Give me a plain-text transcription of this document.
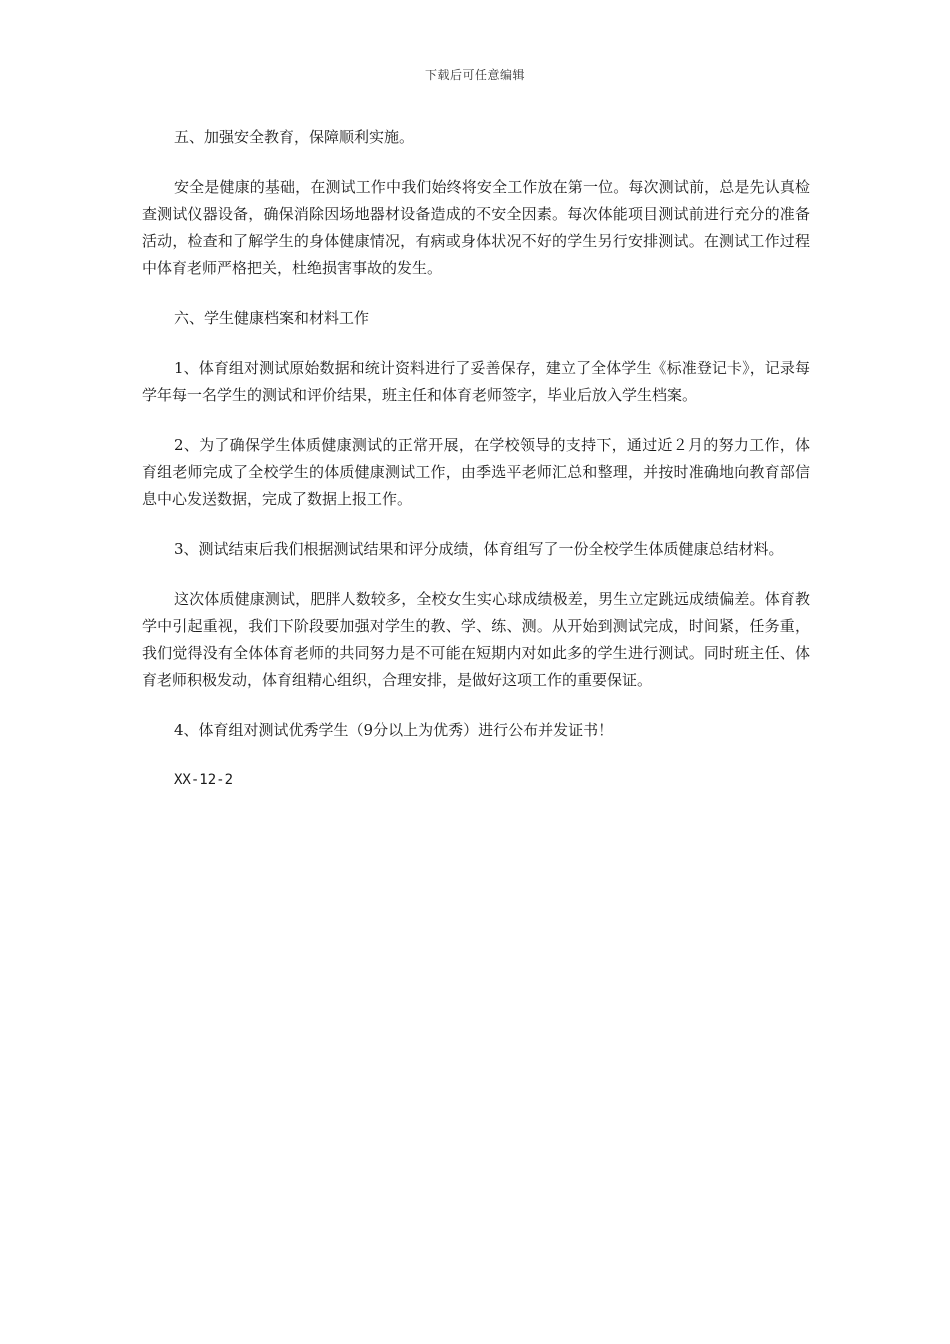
下载后可任意编辑

五、加强安全教育，保障顺利实施。

安全是健康的基础，在测试工作中我们始终将安全工作放在第一位。每次测试前，总是先认真检查测试仪器设备，确保消除因场地器材设备造成的不安全因素。每次体能项目测试前进行充分的准备活动，检查和了解学生的身体健康情况，有病或身体状况不好的学生另行安排测试。在测试工作过程中体育老师严格把关，杜绝损害事故的发生。

六、学生健康档案和材料工作

1、体育组对测试原始数据和统计资料进行了妥善保存，建立了全体学生《标准登记卡》，记录每学年每一名学生的测试和评价结果，班主任和体育老师签字，毕业后放入学生档案。

2、为了确保学生体质健康测试的正常开展，在学校领导的支持下，通过近２月的努力工作，体育组老师完成了全校学生的体质健康测试工作，由季选平老师汇总和整理，并按时准确地向教育部信息中心发送数据，完成了数据上报工作。

3、测试结束后我们根据测试结果和评分成绩，体育组写了一份全校学生体质健康总结材料。

这次体质健康测试，肥胖人数较多，全校女生实心球成绩极差，男生立定跳远成绩偏差。体育教学中引起重视，我们下阶段要加强对学生的教、学、练、测。从开始到测试完成，时间紧，任务重，我们觉得没有全体体育老师的共同努力是不可能在短期内对如此多的学生进行测试。同时班主任、体育老师积极发动，体育组精心组织，合理安排，是做好这项工作的重要保证。

4、体育组对测试优秀学生（9分以上为优秀）进行公布并发证书！

XX-12-2
